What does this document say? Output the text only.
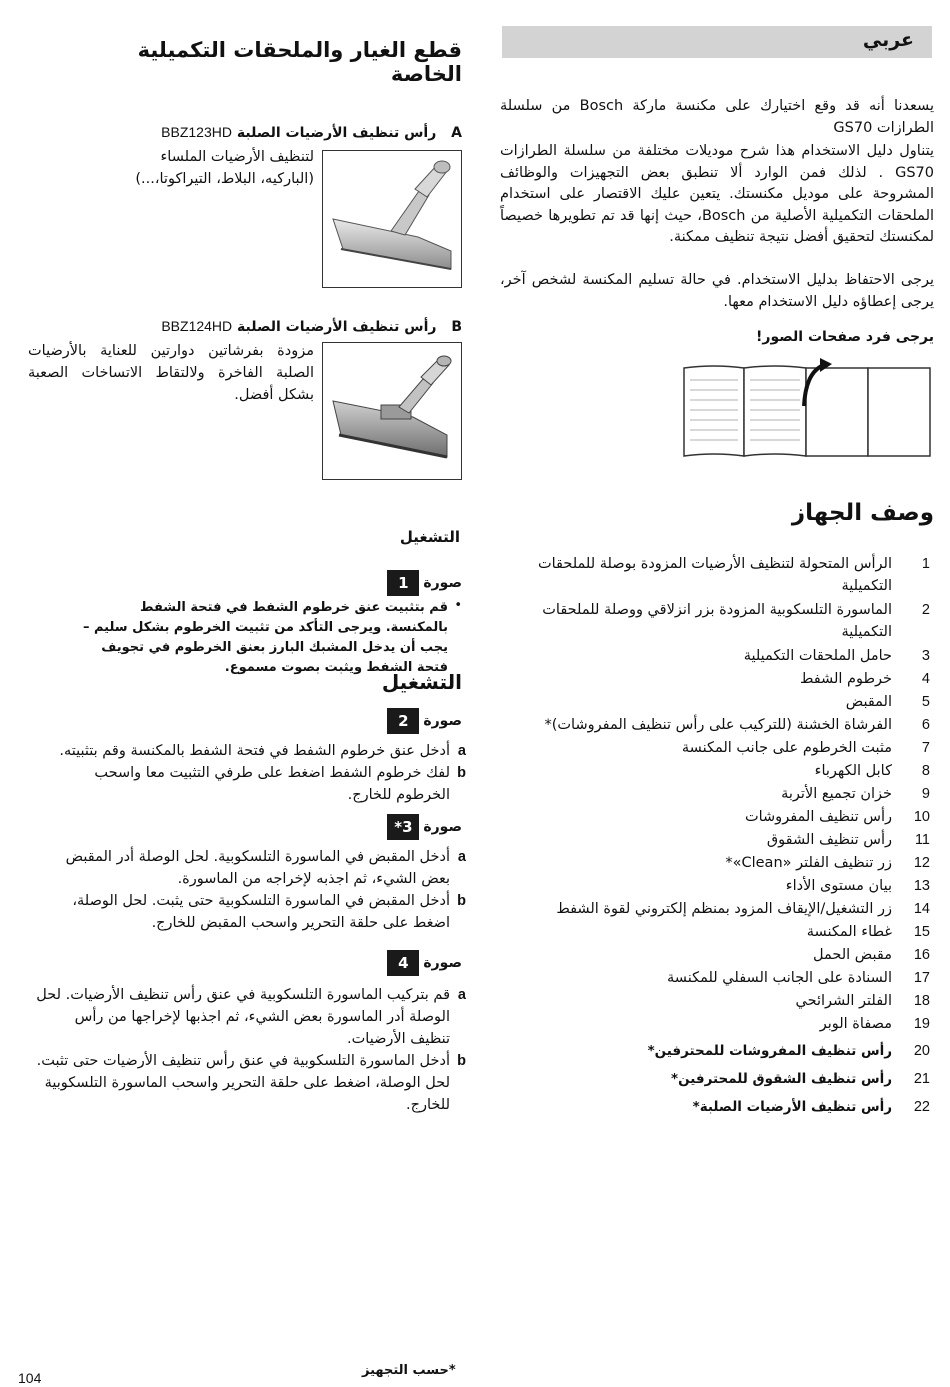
عربي
قطع الغيار والملحقات التكميلية الخاصة
A رأس تنظيف الأرضيات الصلبة BBZ123HD

لتنظيف الأرضيات الملساء

(الباركيه، البلاط، التيراكوتا،...)

B رأس تنظيف الأرضيات الصلبة BBZ124HD

مزودة بفرشاتين دوارتين للعناية بالأرضيات الصلبة الفاخرة ولالتقاط الاتساخات الصعبة بشكل أفضل.

التشغيل
صورة
1
•
قم بتثبيت عنق خرطوم الشفط في فتحة الشفط بالمكنسة. ويرجى التأكد من تثبيت الخرطوم بشكل سليم – يجب أن يدخل المشبك البارز بعنق الخرطوم في تجويف فتحة الشفط ويثبت بصوت مسموع.
التشغيل
صورة
2
a
أدخل عنق خرطوم الشفط في فتحة الشفط بالمكنسة وقم بتثبيته.
b
لفك خرطوم الشفط اضغط على طرفي التثبيت معا واسحب الخرطوم للخارج.
صورة
3*
a
أدخل المقبض في الماسورة التلسكوبية. لحل الوصلة أدر المقبض بعض الشيء، ثم اجذبه لإخراجه من الماسورة.
b
أدخل المقبض في الماسورة التلسكوبية حتى يثبت. لحل الوصلة، اضغط على حلقة التحرير واسحب المقبض للخارج.
صورة
4
a
قم بتركيب الماسورة التلسكوبية في عنق رأس تنظيف الأرضيات. لحل الوصلة أدر الماسورة بعض الشيء، ثم اجذبها لإخراجها من رأس تنظيف الأرضيات.
b
أدخل الماسورة التلسكوبية في عنق رأس تنظيف الأرضيات حتى تثبت. لحل الوصلة، اضغط على حلقة التحرير واسحب الماسورة التلسكوبية للخارج.
يسعدنا أنه قد وقع اختيارك على مكنسة ماركة Bosch من سلسلة الطرازات GS70
يتناول دليل الاستخدام هذا شرح موديلات مختلفة من سلسلة الطرازات GS70 . لذلك فمن الوارد ألا تنطبق بعض التجهيزات والوظائف المشروحة على موديل مكنستك. يتعين عليك الاقتصار على استخدام الملحقات التكميلية الأصلية من Bosch، حيث إنها قد تم تطويرها خصيصاً لمكنستك لتحقيق أفضل نتيجة تنظيف ممكنة.
يرجى الاحتفاظ بدليل الاستخدام. في حالة تسليم المكنسة لشخص آخر، يرجى إعطاؤه دليل الاستخدام معها.
يرجى فرد صفحات الصور!
وصف الجهاز
1
الرأس المتحولة لتنظيف الأرضيات المزودة بوصلة للملحقات التكميلية
2
الماسورة التلسكوبية المزودة بزر انزلاقي ووصلة للملحقات التكميلية
3
حامل الملحقات التكميلية
4
خرطوم الشفط
5
المقبض
6
الفرشاة الخشنة (للتركيب على رأس تنظيف المفروشات)*
7
مثبت الخرطوم على جانب المكنسة
8
كابل الكهرباء
9
خزان تجميع الأتربة
10
رأس تنظيف المفروشات
11
رأس تنظيف الشقوق
12
زر تنظيف الفلتر «Clean»*
13
بيان مستوى الأداء
14
زر التشغيل/الإيقاف المزود بمنظم إلكتروني لقوة الشفط
15
غطاء المكنسة
16
مقبض الحمل
17
السنادة على الجانب السفلي للمكنسة
18
الفلتر الشرائحي
19
مصفاة الوبر
20
رأس تنظيف المفروشات للمحترفين*
21
رأس تنظيف الشقوق للمحترفين*
22
رأس تنظيف الأرضيات الصلبة*
104	*حسب التجهيز
